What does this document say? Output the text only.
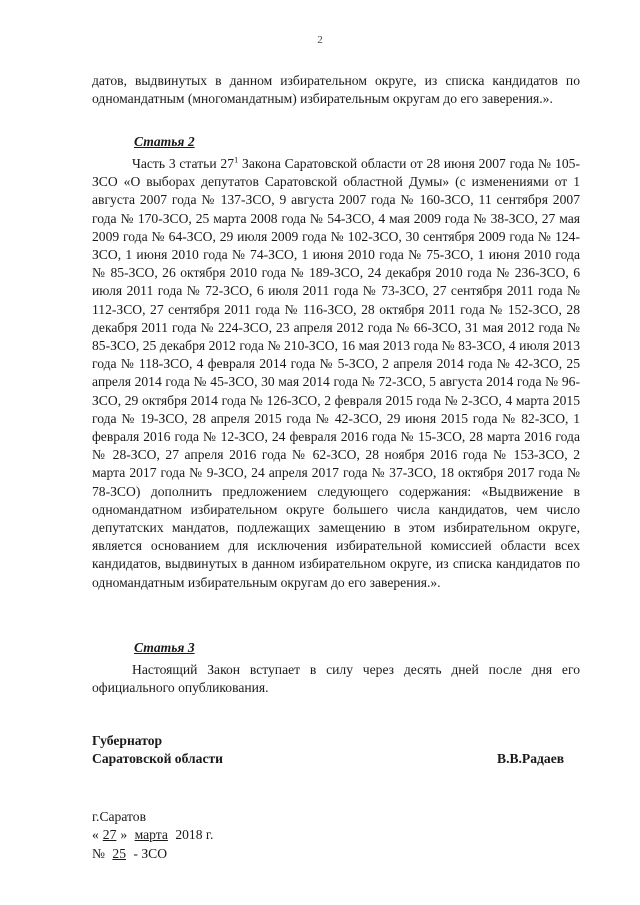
2

датов, выдвинутых в данном избирательном округе, из списка кандидатов по одномандатным (многомандатным) избирательным округам до его заверения.».

Статья 2

Часть 3 статьи $27^1$ Закона Саратовской области от 28 июня 2007 года № 105-ЗСО «О выборах депутатов Саратовской областной Думы» (с изменениями от 1 августа 2007 года № 137-ЗСО, 9 августа 2007 года № 160-ЗСО, 11 сентября 2007 года № 170-ЗСО, 25 марта 2008 года № 54-ЗСО, 4 мая 2009 года № 38-ЗСО, 27 мая 2009 года № 64-ЗСО, 29 июля 2009 года № 102-ЗСО, 30 сентября 2009 года № 124-ЗСО, 1 июня 2010 года № 74-ЗСО, 1 июня 2010 года № 75-ЗСО, 1 июня 2010 года № 85-ЗСО, 26 октября 2010 года № 189-ЗСО, 24 декабря 2010 года № 236-ЗСО, 6 июля 2011 года № 72-ЗСО, 6 июля 2011 года № 73-ЗСО, 27 сентября 2011 года № 112-ЗСО, 27 сентября 2011 года № 116-ЗСО, 28 октября 2011 года № 152-ЗСО, 28 декабря 2011 года № 224-ЗСО, 23 апреля 2012 года № 66-ЗСО, 31 мая 2012 года № 85-ЗСО, 25 декабря 2012 года № 210-ЗСО, 16 мая 2013 года № 83-ЗСО, 4 июля 2013 года № 118-ЗСО, 4 февраля 2014 года № 5-ЗСО, 2 апреля 2014 года № 42-ЗСО, 25 апреля 2014 года № 45-ЗСО, 30 мая 2014 года № 72-ЗСО, 5 августа 2014 года № 96-ЗСО, 29 октября 2014 года № 126-ЗСО, 2 февраля 2015 года № 2-ЗСО, 4 марта 2015 года № 19-ЗСО, 28 апреля 2015 года № 42-ЗСО, 29 июня 2015 года № 82-ЗСО, 1 февраля 2016 года № 12-ЗСО, 24 февраля 2016 года № 15-ЗСО, 28 марта 2016 года № 28-ЗСО, 27 апреля 2016 года № 62-ЗСО, 28 ноября 2016 года № 153-ЗСО, 2 марта 2017 года № 9-ЗСО, 24 апреля 2017 года № 37-ЗСО, 18 октября 2017 года № 78-ЗСО) дополнить предложением следующего содержания: «Выдвижение в одномандатном избирательном округе большего числа кандидатов, чем число депутатских мандатов, подлежащих замещению в этом избирательном округе, является основанием для исключения избирательной комиссией области всех кандидатов, выдвинутых в данном избирательном округе, из списка кандидатов по одномандатным избирательным округам до его заверения.».

Статья 3

Настоящий Закон вступает в силу через десять дней после дня его официального опубликования.

Губернатор
Саратовской области	В.В.Радаев
г.Саратов
« 27 » марта 2018 г.
№ 25 - ЗСО
